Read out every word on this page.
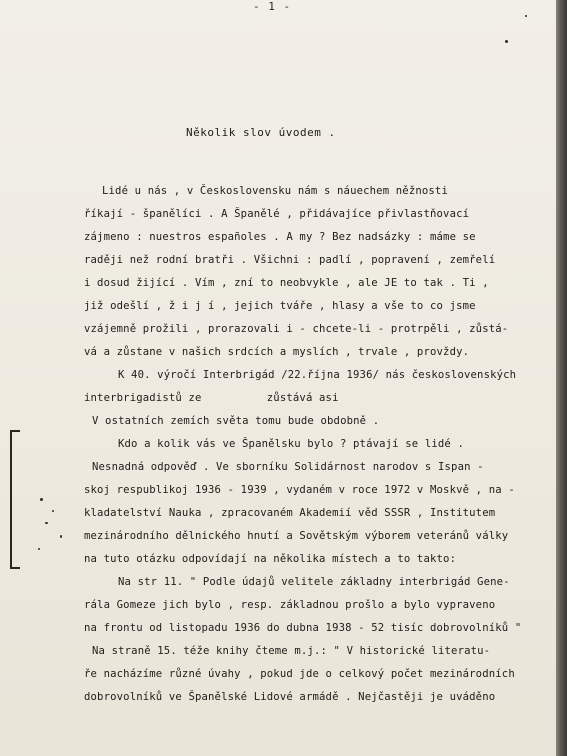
- 1 -
Několik slov úvodem .
Lidé u nás , v Československu nám s náuechem něžnosti
říkají - španělíci . A Španělé , přidávajíce přivlastňovací
zájmeno : nuestros españoles . A my ? Bez nadsázky : máme se
raději než rodní bratři . Všichni : padlí , popravení , zemřelí
i dosud žijící . Vím , zní to neobvykle , ale JE to tak . Ti ,
již odešlí , ž i j í , jejich tváře , hlasy a vše to co jsme
vzájemně prožili , prorazovali i - chcete-li - protrpěli , zůstá-
vá a zůstane v našich srdcích a myslích , trvale , provždy.
K 40. výročí Interbrigád /22.října 1936/ nás československých
interbrigadistů ze          zůstává asi
V ostatních zemích světa tomu bude obdobně .
Kdo a kolik vás ve Španělsku bylo ? ptávají se lidé .
Nesnadná odpověď . Ve sborníku Solidárnost narodov s Ispan -
skoj respublikoj 1936 - 1939 , vydaném v roce 1972 v Moskvě , na -
kladatelství Nauka , zpracovaném Akademií věd SSSR , Institutem
mezinárodního dělnického hnutí a Sovětským výborem veteránů války
na tuto otázku odpovídají na několika místech a to takto:
Na str 11. " Podle údajů velitele základny interbrigád Gene-
rála Gomeze jich bylo , resp. základnou prošlo a bylo vypraveno
na frontu od listopadu 1936 do dubna 1938 - 52 tisíc dobrovolníků "
Na straně 15. téže knihy čteme m.j.: " V historické literatu-
ře nacházíme různé úvahy , pokud jde o celkový počet mezinárodních
dobrovolníků ve Španělské Lidové armádě . Nejčastěji je uváděno
